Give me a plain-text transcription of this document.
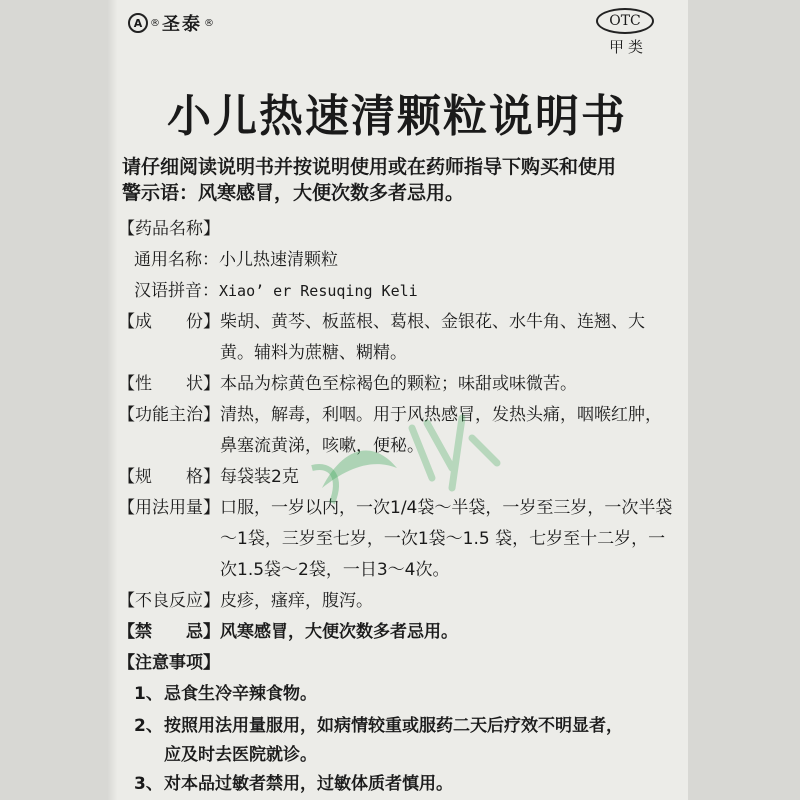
A ® 圣泰 ®	OTC
甲类
小儿热速清颗粒说明书
请仔细阅读说明书并按说明使用或在药师指导下购买和使用
警示语：风寒感冒，大便次数多者忌用。
【药品名称】
通用名称： 小儿热速清颗粒
汉语拼音： Xiao’ er Resuqing Keli
【成　　份】 柴胡、黄芩、板蓝根、葛根、金银花、水牛角、连翘、大黄。辅料为蔗糖、糊精。
【性　　状】 本品为棕黄色至棕褐色的颗粒；味甜或味微苦。
【功能主治】 清热，解毒，利咽。用于风热感冒，发热头痛，咽喉红肿，鼻塞流黄涕，咳嗽，便秘。
【规　　格】 每袋装2克
【用法用量】 口服，一岁以内，一次1/4袋～半袋，一岁至三岁，一次半袋～1袋，三岁至七岁，一次1袋～1.5 袋，七岁至十二岁，一次1.5袋～2袋，一日3～4次。
【不良反应】 皮疹，瘙痒，腹泻。
【禁　　忌】 风寒感冒，大便次数多者忌用。
【注意事项】
1、忌食生冷辛辣食物。
2、按照用法用量服用，如病情较重或服药二天后疗效不明显者，
应及时去医院就诊。
3、对本品过敏者禁用，过敏体质者慎用。
